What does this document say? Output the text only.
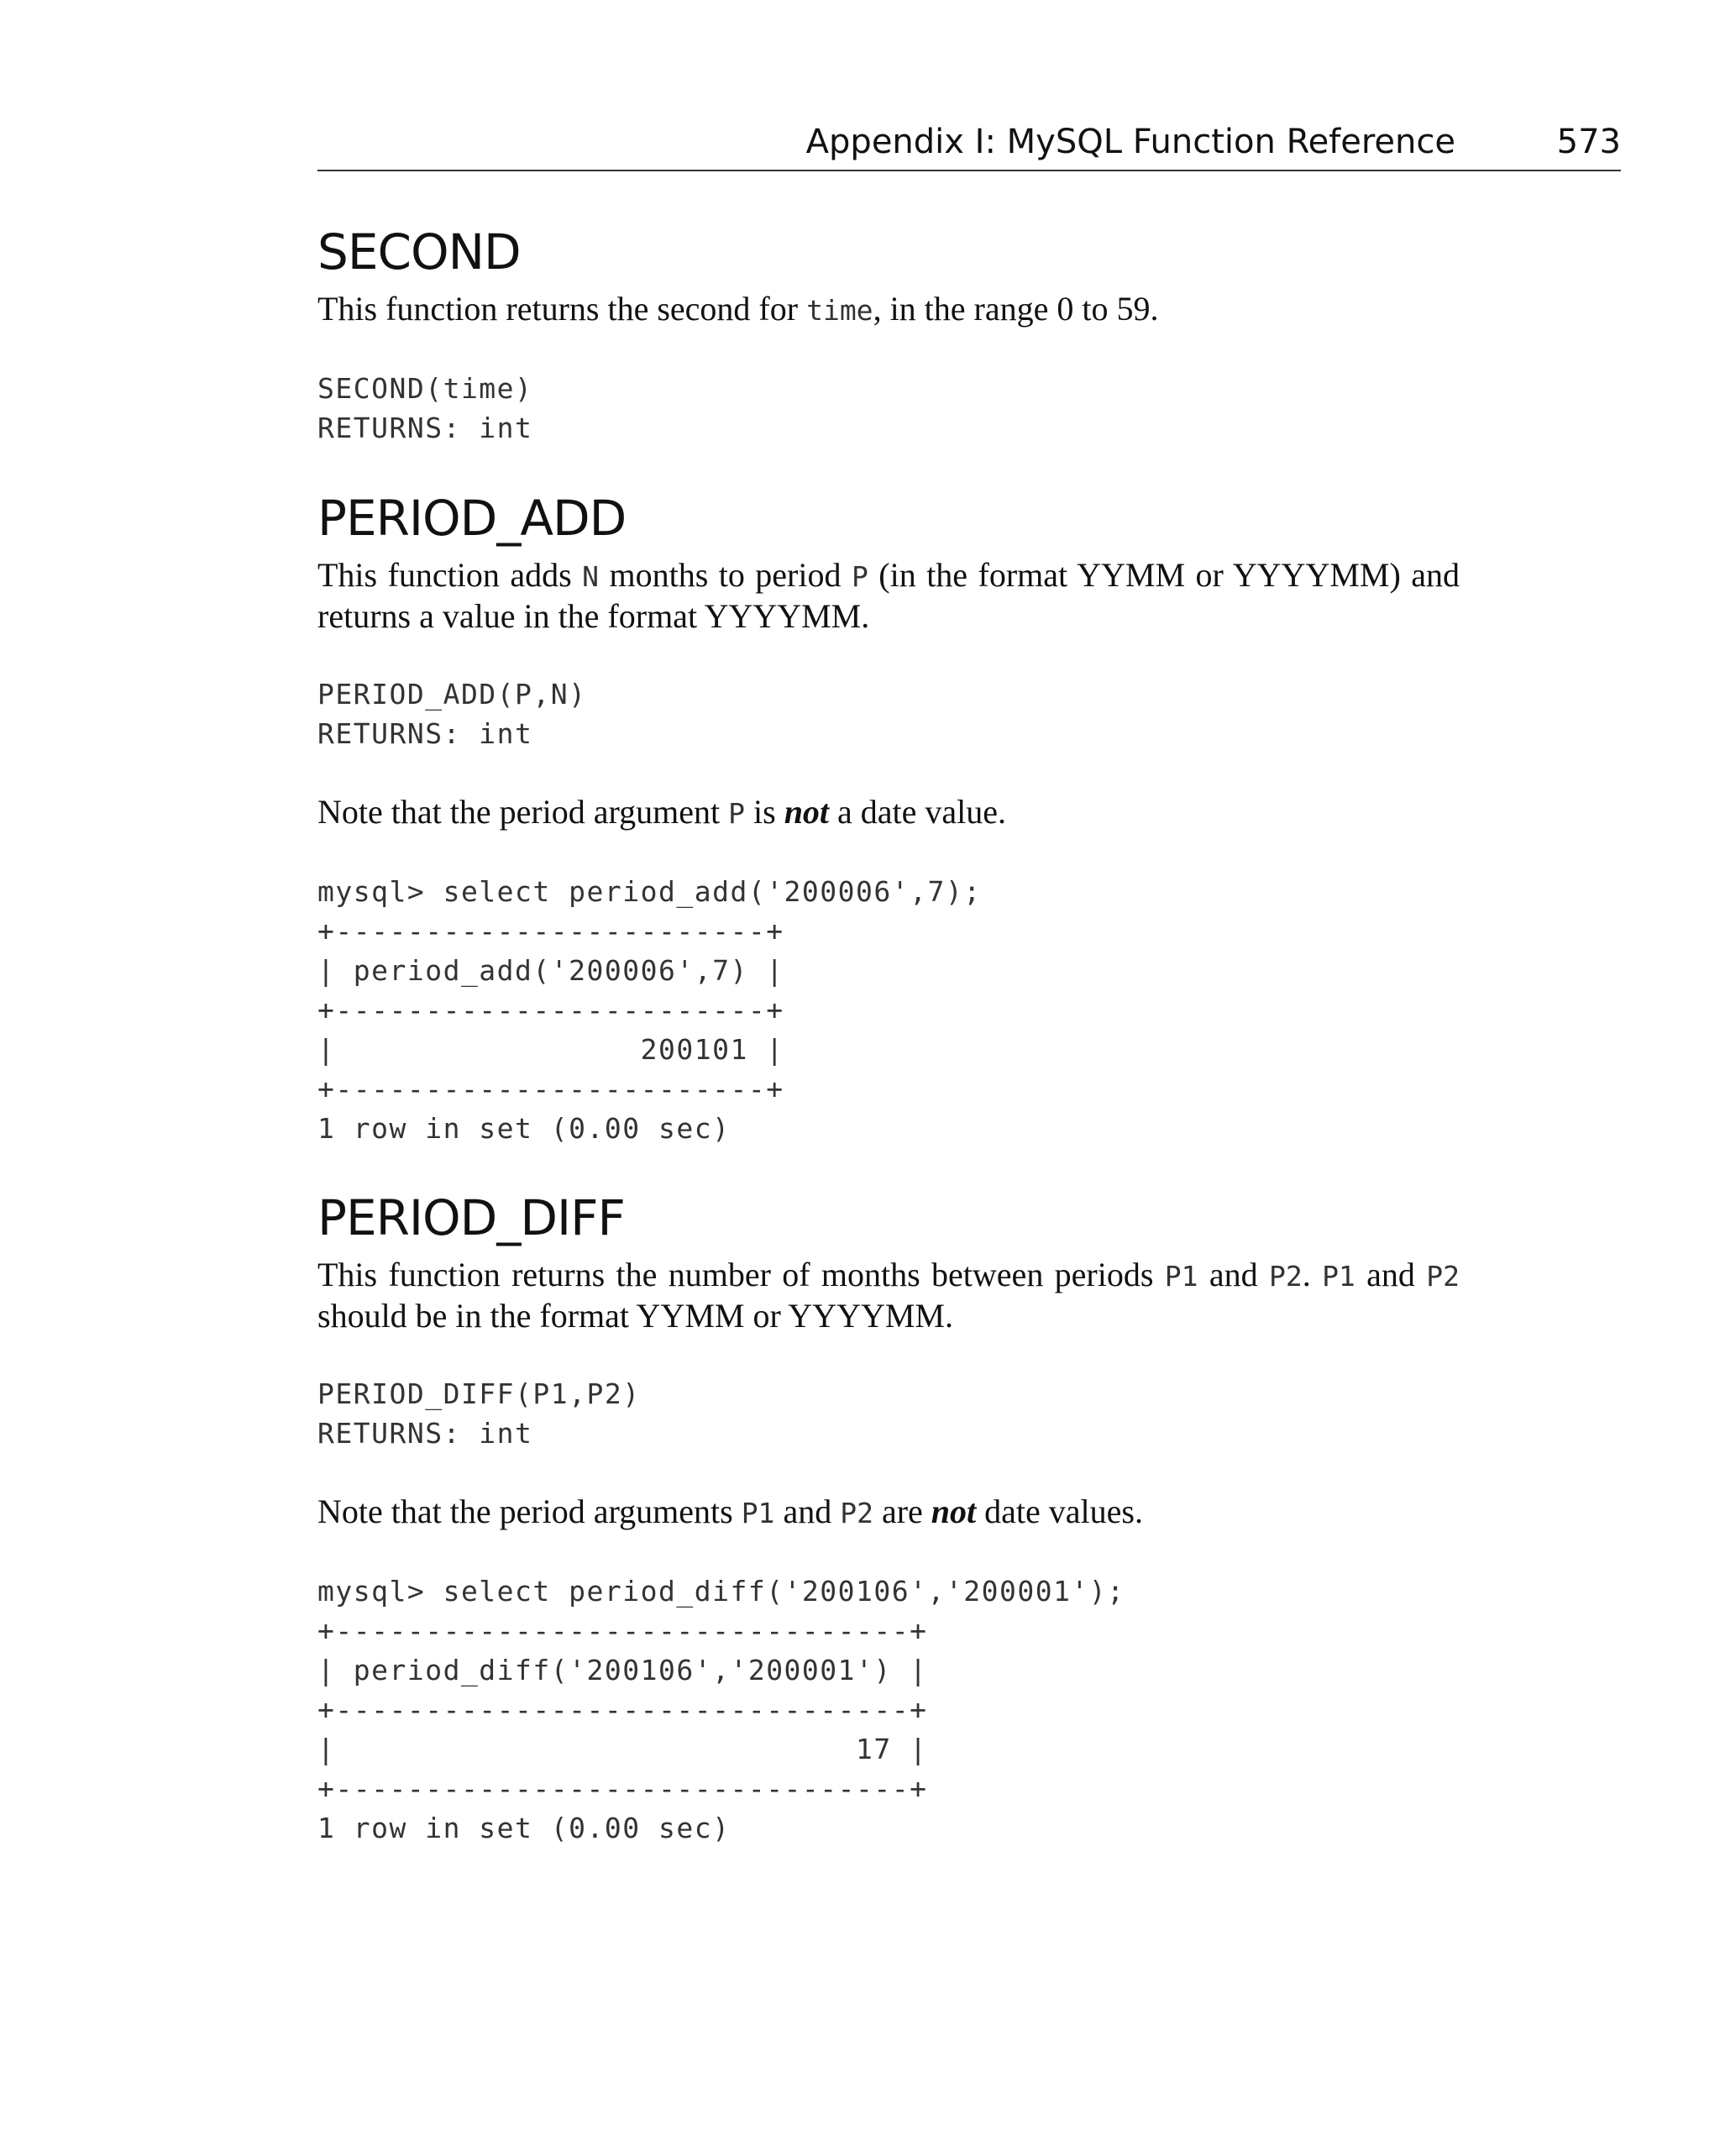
Appendix I: MySQL Function Reference	573
SECOND

This function returns the second for time, in the range 0 to 59.

SECOND(time)
RETURNS: int
PERIOD_ADD

This function adds N months to period P (in the format YYMM or YYYYMM) and returns a value in the format YYYYMM.

PERIOD_ADD(P,N)
RETURNS: int

Note that the period argument P is not a date value.

mysql> select period_add('200006',7);
+------------------------+
| period_add('200006',7) |
+------------------------+
|                 200101 |
+------------------------+
1 row in set (0.00 sec)
PERIOD_DIFF

This function returns the number of months between periods P1 and P2. P1 and P2 should be in the format YYMM or YYYYMM.

PERIOD_DIFF(P1,P2)
RETURNS: int

Note that the period arguments P1 and P2 are not date values.

mysql> select period_diff('200106','200001');
+--------------------------------+
| period_diff('200106','200001') |
+--------------------------------+
|                             17 |
+--------------------------------+
1 row in set (0.00 sec)
